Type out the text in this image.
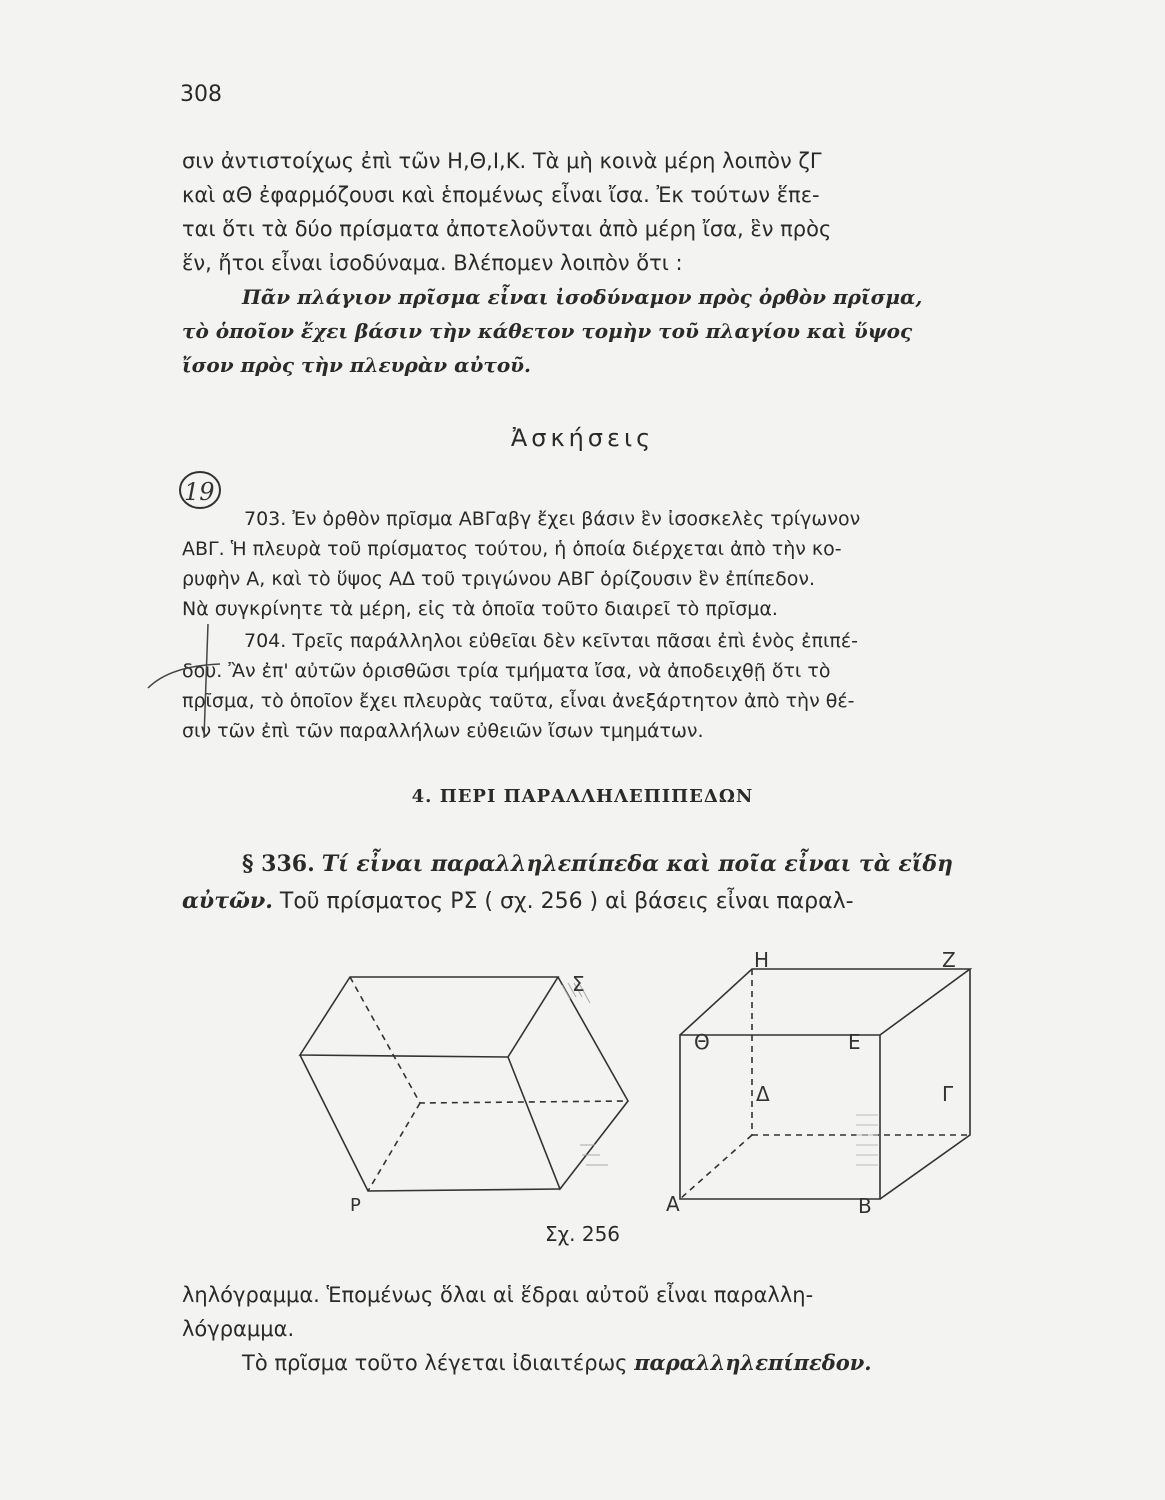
308

σιν ἀντιστοίχως ἐπὶ τῶν Η,Θ,Ι,Κ. Τὰ μὴ κοινὰ μέρη λοιπὸν ζΓ
καὶ αΘ ἐφαρμόζουσι καὶ ἑπομένως εἶναι ἴσα. Ἐκ τούτων ἕπε-
ται ὅτι τὰ δύο πρίσματα ἀποτελοῦνται ἀπὸ μέρη ἴσα, ἓν πρὸς
ἕν, ἤτοι εἶναι ἰσοδύναμα. Βλέπομεν λοιπὸν ὅτι :

Πᾶν πλάγιον πρῖσμα εἶναι ἰσοδύναμον πρὸς ὀρθὸν πρῖσμα,
τὸ ὁποῖον ἔχει βάσιν τὴν κάθετον τομὴν τοῦ πλαγίου καὶ ὕψος
ἴσον πρὸς τὴν πλευρὰν αὐτοῦ.

Ἀσκήσεις
19

703. Ἐν ὀρθὸν πρῖσμα ΑΒΓαβγ ἔχει βάσιν ἓν ἰσοσκελὲς τρίγωνον
ΑΒΓ. Ἡ πλευρὰ τοῦ πρίσματος τούτου, ἡ ὁποία διέρχεται ἀπὸ τὴν κο-
ρυφὴν Α, καὶ τὸ ὕψος ΑΔ τοῦ τριγώνου ΑΒΓ ὁρίζουσιν ἓν ἐπίπεδον.
Νὰ συγκρίνητε τὰ μέρη, εἰς τὰ ὁποῖα τοῦτο διαιρεῖ τὸ πρῖσμα.

704. Τρεῖς παράλληλοι εὐθεῖαι δὲν κεῖνται πᾶσαι ἐπὶ ἑνὸς ἐπιπέ-
δου. Ἂν ἐπ' αὐτῶν ὁρισθῶσι τρία τμήματα ἴσα, νὰ ἀποδειχθῇ ὅτι τὸ
πρῖσμα, τὸ ὁποῖον ἔχει πλευρὰς ταῦτα, εἶναι ἀνεξάρτητον ἀπὸ τὴν θέ-
σιν τῶν ἐπὶ τῶν παραλλήλων εὐθειῶν ἴσων τμημάτων.

4. ΠΕΡΙ ΠΑΡΑΛΛΗΛΕΠΙΠΕΔΩΝ

§ 336. Τί εἶναι παραλληλεπίπεδα καὶ ποῖα εἶναι τὰ εἴδη
αὐτῶν. Τοῦ πρίσματος ΡΣ ( σχ. 256 ) αἱ βάσεις εἶναι παραλ-

Σ
Ρ
Η	Ζ
Θ	Ε
Δ	Γ
Α	Β
Σχ. 256

ληλόγραμμα. Ἑπομένως ὅλαι αἱ ἕδραι αὐτοῦ εἶναι παραλλη-
λόγραμμα.

Τὸ πρῖσμα τοῦτο λέγεται ἰδιαιτέρως παραλληλεπίπεδον.
